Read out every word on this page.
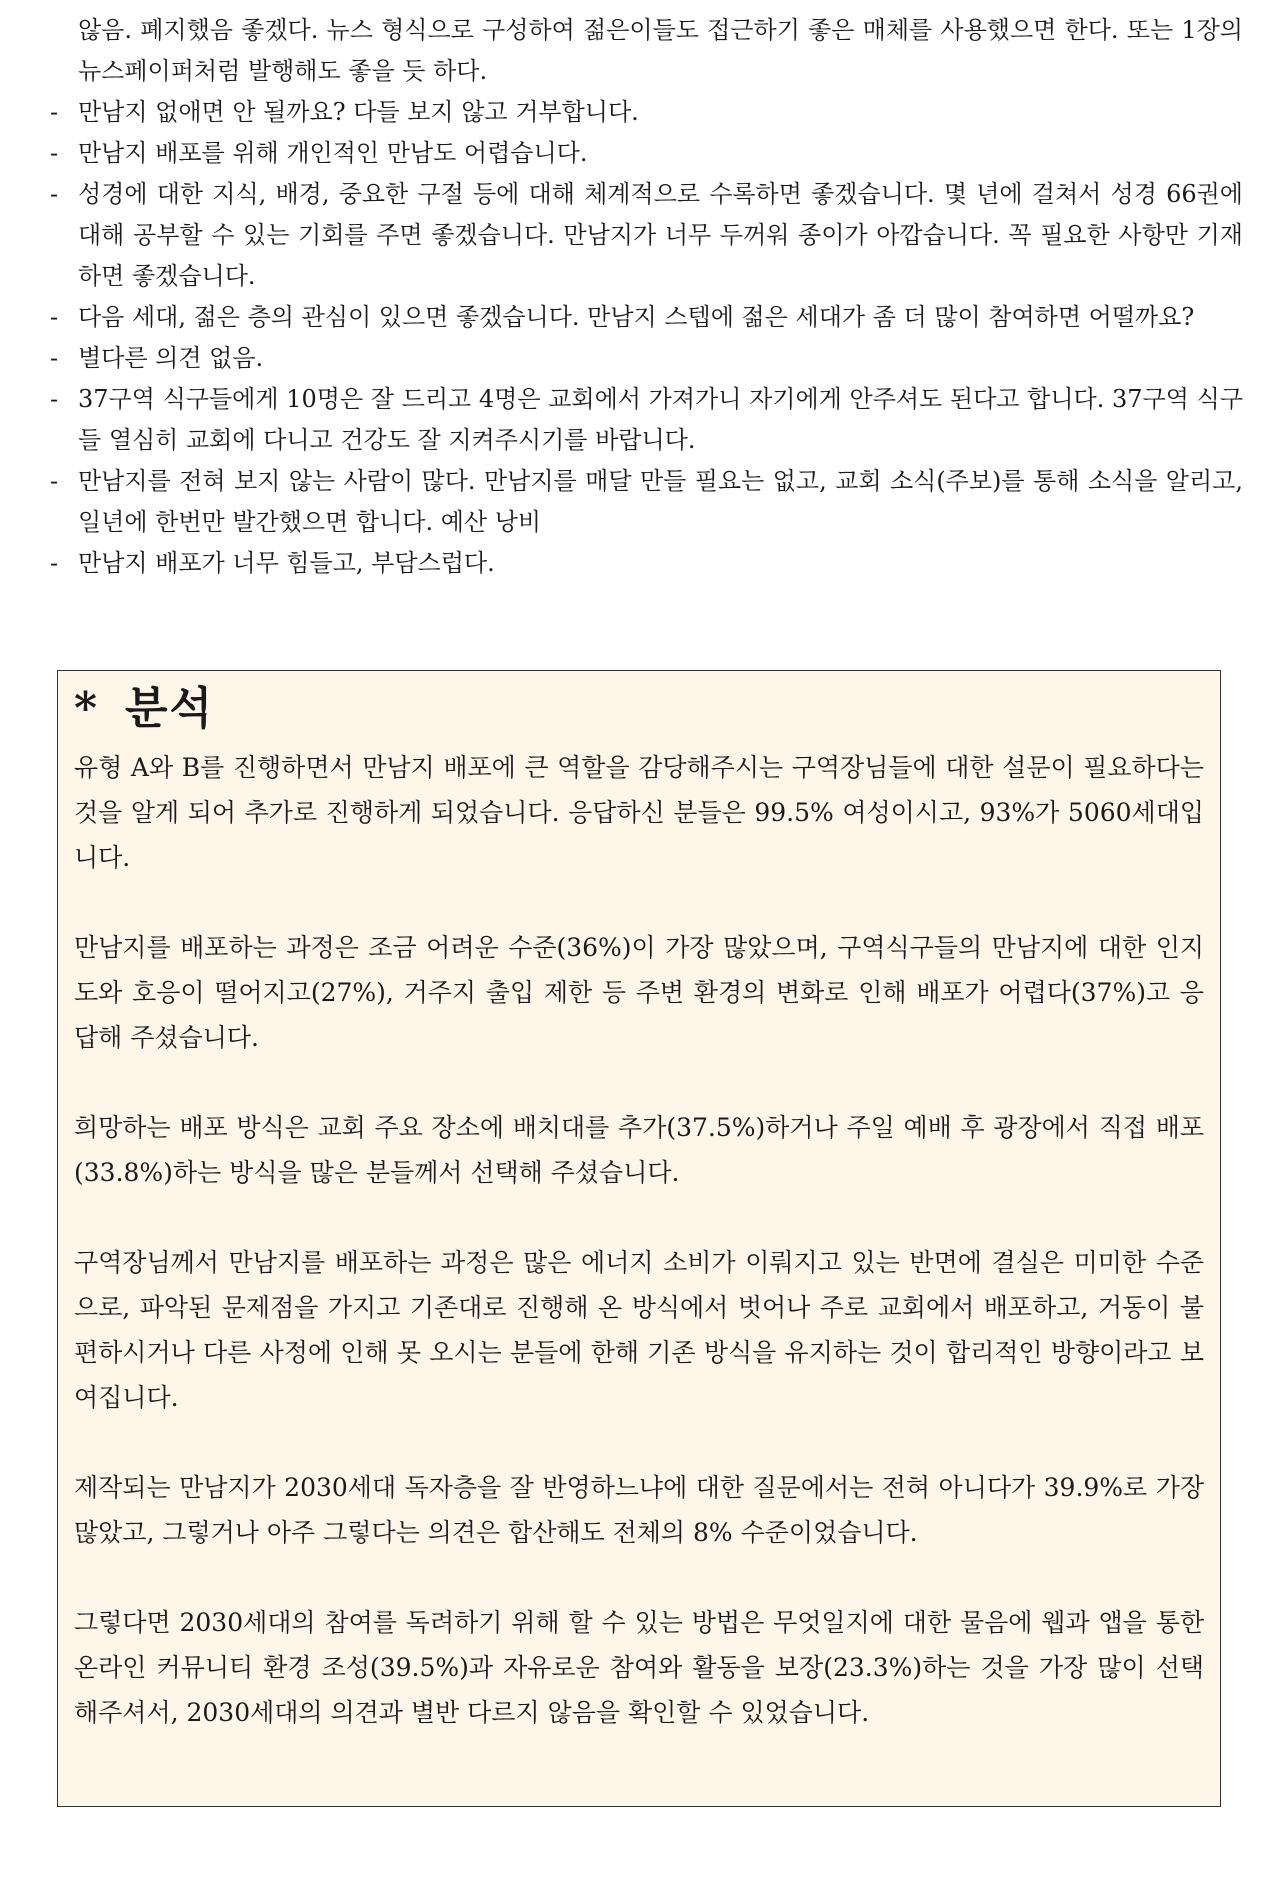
않음. 폐지했음 좋겠다. 뉴스 형식으로 구성하여 젊은이들도 접근하기 좋은 매체를 사용했으면 한다. 또는 1장의 뉴스페이퍼처럼 발행해도 좋을 듯 하다.
- 만남지 없애면 안 될까요? 다들 보지 않고 거부합니다.
- 만남지 배포를 위해 개인적인 만남도 어렵습니다.
- 성경에 대한 지식, 배경, 중요한 구절 등에 대해 체계적으로 수록하면 좋겠습니다. 몇 년에 걸쳐서 성경 66권에 대해 공부할 수 있는 기회를 주면 좋겠습니다. 만남지가 너무 두꺼워 종이가 아깝습니다. 꼭 필요한 사항만 기재하면 좋겠습니다.
- 다음 세대, 젊은 층의 관심이 있으면 좋겠습니다. 만남지 스텝에 젊은 세대가 좀 더 많이 참여하면 어떨까요?
- 별다른 의견 없음.
- 37구역 식구들에게 10명은 잘 드리고 4명은 교회에서 가져가니 자기에게 안주셔도 된다고 합니다. 37구역 식구들 열심히 교회에 다니고 건강도 잘 지켜주시기를 바랍니다.
- 만남지를 전혀 보지 않는 사람이 많다. 만남지를 매달 만들 필요는 없고, 교회 소식(주보)를 통해 소식을 알리고, 일년에 한번만 발간했으면 합니다. 예산 낭비
- 만남지 배포가 너무 힘들고, 부담스럽다.
* 분석

유형 A와 B를 진행하면서 만남지 배포에 큰 역할을 감당해주시는 구역장님들에 대한 설문이 필요하다는 것을 알게 되어 추가로 진행하게 되었습니다. 응답하신 분들은 99.5% 여성이시고, 93%가 5060세대입니다.

만남지를 배포하는 과정은 조금 어려운 수준(36%)이 가장 많았으며, 구역식구들의 만남지에 대한 인지도와 호응이 떨어지고(27%), 거주지 출입 제한 등 주변 환경의 변화로 인해 배포가 어렵다(37%)고 응답해 주셨습니다.

희망하는 배포 방식은 교회 주요 장소에 배치대를 추가(37.5%)하거나 주일 예배 후 광장에서 직접 배포(33.8%)하는 방식을 많은 분들께서 선택해 주셨습니다.

구역장님께서 만남지를 배포하는 과정은 많은 에너지 소비가 이뤄지고 있는 반면에 결실은 미미한 수준으로, 파악된 문제점을 가지고 기존대로 진행해 온 방식에서 벗어나 주로 교회에서 배포하고, 거동이 불편하시거나 다른 사정에 인해 못 오시는 분들에 한해 기존 방식을 유지하는 것이 합리적인 방향이라고 보여집니다.

제작되는 만남지가 2030세대 독자층을 잘 반영하느냐에 대한 질문에서는 전혀 아니다가 39.9%로 가장 많았고, 그렇거나 아주 그렇다는 의견은 합산해도 전체의 8% 수준이었습니다.

그렇다면 2030세대의 참여를 독려하기 위해 할 수 있는 방법은 무엇일지에 대한 물음에 웹과 앱을 통한 온라인 커뮤니티 환경 조성(39.5%)과 자유로운 참여와 활동을 보장(23.3%)하는 것을 가장 많이 선택해주셔서, 2030세대의 의견과 별반 다르지 않음을 확인할 수 있었습니다.
